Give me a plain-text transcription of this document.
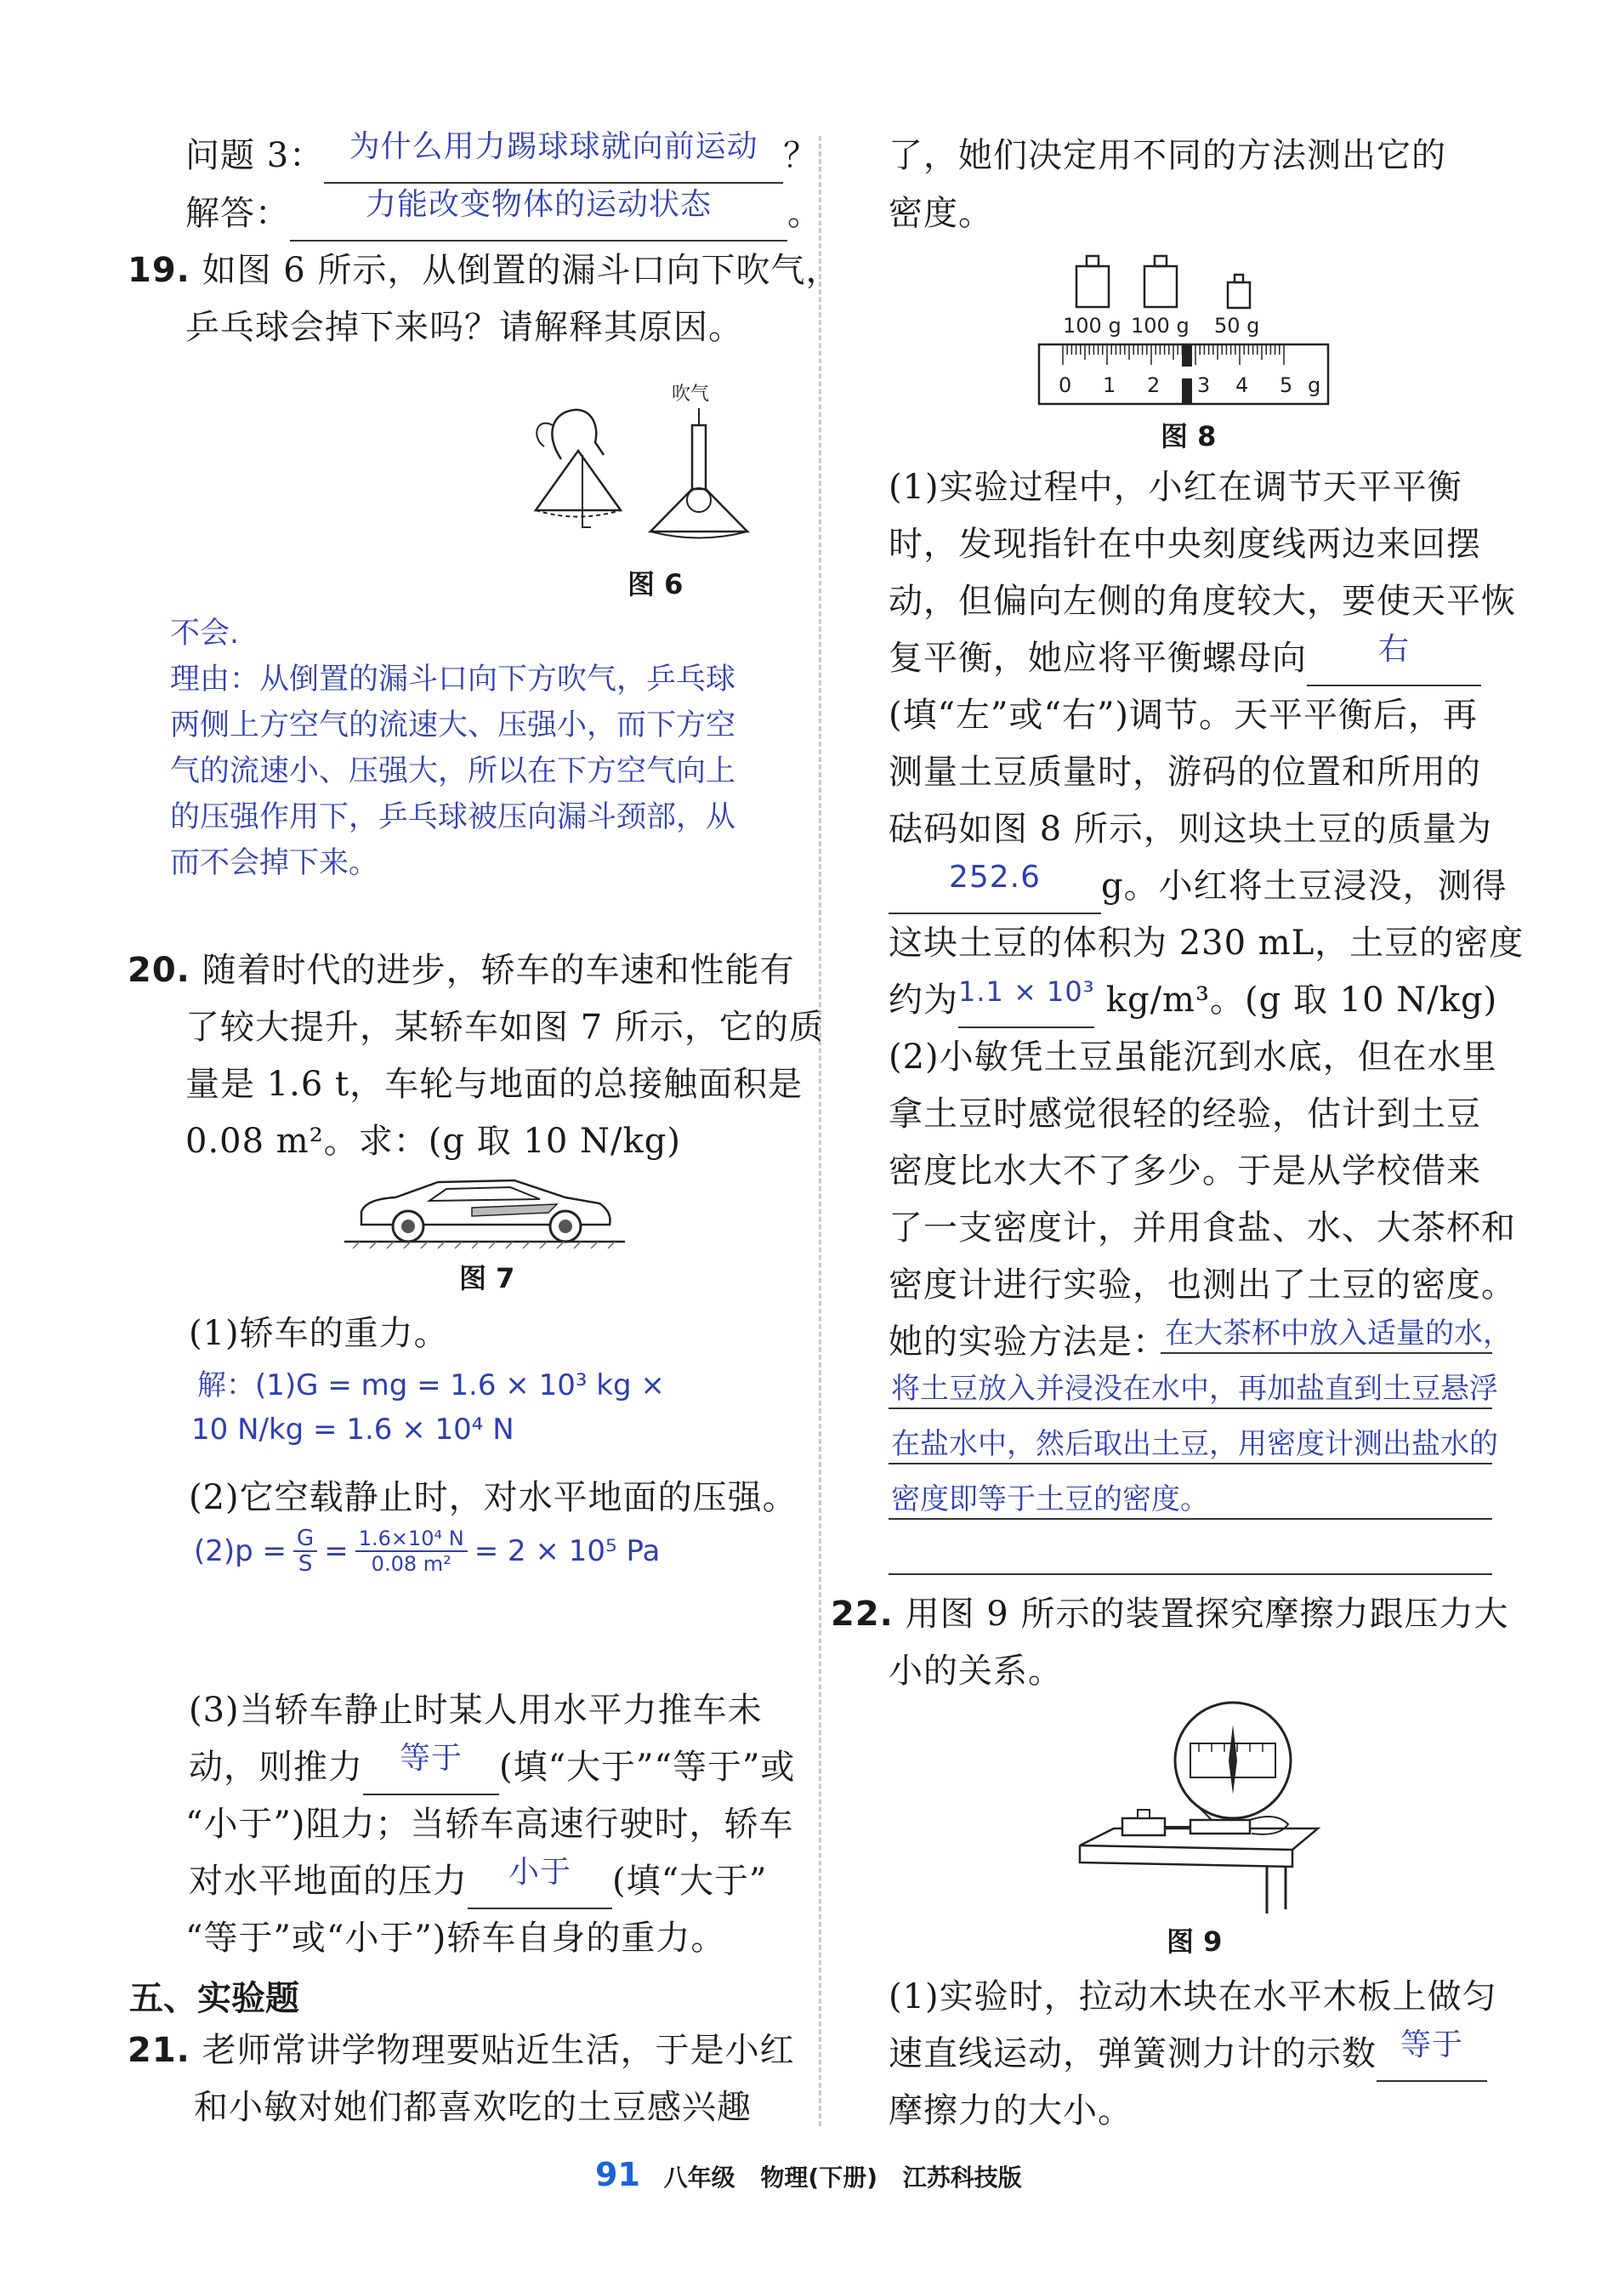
问题 3： 为什么用力踢球球就向前运动 ？
解答：	力能改变物体的运动状态	。
19. 如图 6 所示，从倒置的漏斗口向下吹气，
乒乓球会掉下来吗？请解释其原因。
吹气
图 6
不会.
理由：从倒置的漏斗口向下方吹气，乒乓球
两侧上方空气的流速大、压强小，而下方空
气的流速小、压强大，所以在下方空气向上
的压强作用下，乒乓球被压向漏斗颈部，从
而不会掉下来。
20. 随着时代的进步，轿车的车速和性能有
了较大提升，某轿车如图 7 所示，它的质
量是 1.6 t，车轮与地面的总接触面积是
0.08 m²。求：(g 取 10 N/kg)
图 7
(1)轿车的重力。
解：(1)G = mg = 1.6 × 10³ kg ×
10 N/kg = 1.6 × 10⁴ N
(2)它空载静止时，对水平地面的压强。
$(2)p = \frac{G}{S} = \frac{\text{1.6×10⁴ N}}{\text{0.08 m²}} = 2 \times 10^5$ Pa
(3)当轿车静止时某人用水平力推车未
动，则推力	等于	(填“大于”“等于”或
“小于”)阻力；当轿车高速行驶时，轿车
对水平地面的压力	小于	(填“大于”
“等于”或“小于”)轿车自身的重力。
五、实验题
21. 老师常讲学物理要贴近生活，于是小红
和小敏对她们都喜欢吃的土豆感兴趣
了，她们决定用不同的方法测出它的
密度。
100 g 100 g 50 g
0 1 2 3 4 5 g
图 8
(1)实验过程中，小红在调节天平平衡
时，发现指针在中央刻度线两边来回摆
动，但偏向左侧的角度较大，要使天平恢
复平衡，她应将平衡螺母向	右
(填“左”或“右”)调节。天平平衡后，再
测量土豆质量时，游码的位置和所用的
砝码如图 8 所示，则这块土豆的质量为
252.6	g。小红将土豆浸没，测得
这块土豆的体积为 230 mL，土豆的密度
约为 1.1 × 10³ kg/m³。(g 取 10 N/kg)
(2)小敏凭土豆虽能沉到水底，但在水里
拿土豆时感觉很轻的经验，估计到土豆
密度比水大不了多少。于是从学校借来
了一支密度计，并用食盐、水、大茶杯和
密度计进行实验，也测出了土豆的密度。
她的实验方法是：
在大茶杯中放入适量的水，
将土豆放入并浸没在水中，再加盐直到土豆悬浮
在盐水中，然后取出土豆，用密度计测出盐水的
密度即等于土豆的密度。
22. 用图 9 所示的装置探究摩擦力跟压力大
小的关系。
图 9
(1)实验时，拉动木块在水平木板上做匀
速直线运动，弹簧测力计的示数 等于
摩擦力的大小。
91 八年级 物理(下册) 江苏科技版
